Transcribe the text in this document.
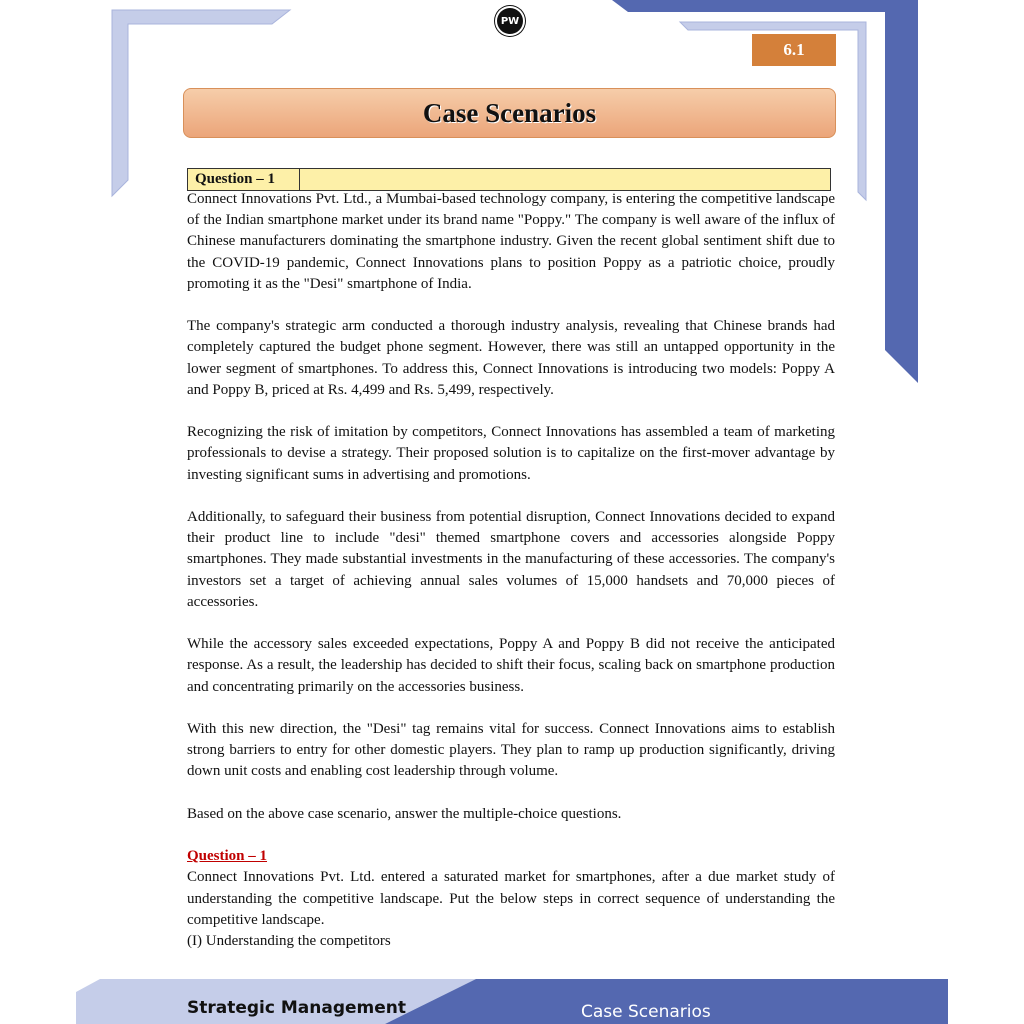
PW
6.1
Case Scenarios
Question – 1

Connect Innovations Pvt. Ltd., a Mumbai-based technology company, is entering the competitive landscape of the Indian smartphone market under its brand name "Poppy." The company is well aware of the influx of Chinese manufacturers dominating the smartphone industry. Given the recent global sentiment shift due to the COVID-19 pandemic, Connect Innovations plans to position Poppy as a patriotic choice, proudly promoting it as the "Desi" smartphone of India.

The company's strategic arm conducted a thorough industry analysis, revealing that Chinese brands had completely captured the budget phone segment. However, there was still an untapped opportunity in the lower segment of smartphones. To address this, Connect Innovations is introducing two models: Poppy A and Poppy B, priced at Rs. 4,499 and Rs. 5,499, respectively.

Recognizing the risk of imitation by competitors, Connect Innovations has assembled a team of marketing professionals to devise a strategy. Their proposed solution is to capitalize on the first-mover advantage by investing significant sums in advertising and promotions.

Additionally, to safeguard their business from potential disruption, Connect Innovations decided to expand their product line to include "desi" themed smartphone covers and accessories alongside Poppy smartphones. They made substantial investments in the manufacturing of these accessories. The company's investors set a target of achieving annual sales volumes of 15,000 handsets and 70,000 pieces of accessories.

While the accessory sales exceeded expectations, Poppy A and Poppy B did not receive the anticipated response. As a result, the leadership has decided to shift their focus, scaling back on smartphone production and concentrating primarily on the accessories business.

With this new direction, the "Desi" tag remains vital for success. Connect Innovations aims to establish strong barriers to entry for other domestic players. They plan to ramp up production significantly, driving down unit costs and enabling cost leadership through volume.

Based on the above case scenario, answer the multiple-choice questions.

Question – 1

Connect Innovations Pvt. Ltd. entered a saturated market for smartphones, after a due market study of understanding the competitive landscape. Put the below steps in correct sequence of understanding the competitive landscape.

(I) Understanding the competitors

Strategic Management	Case Scenarios
